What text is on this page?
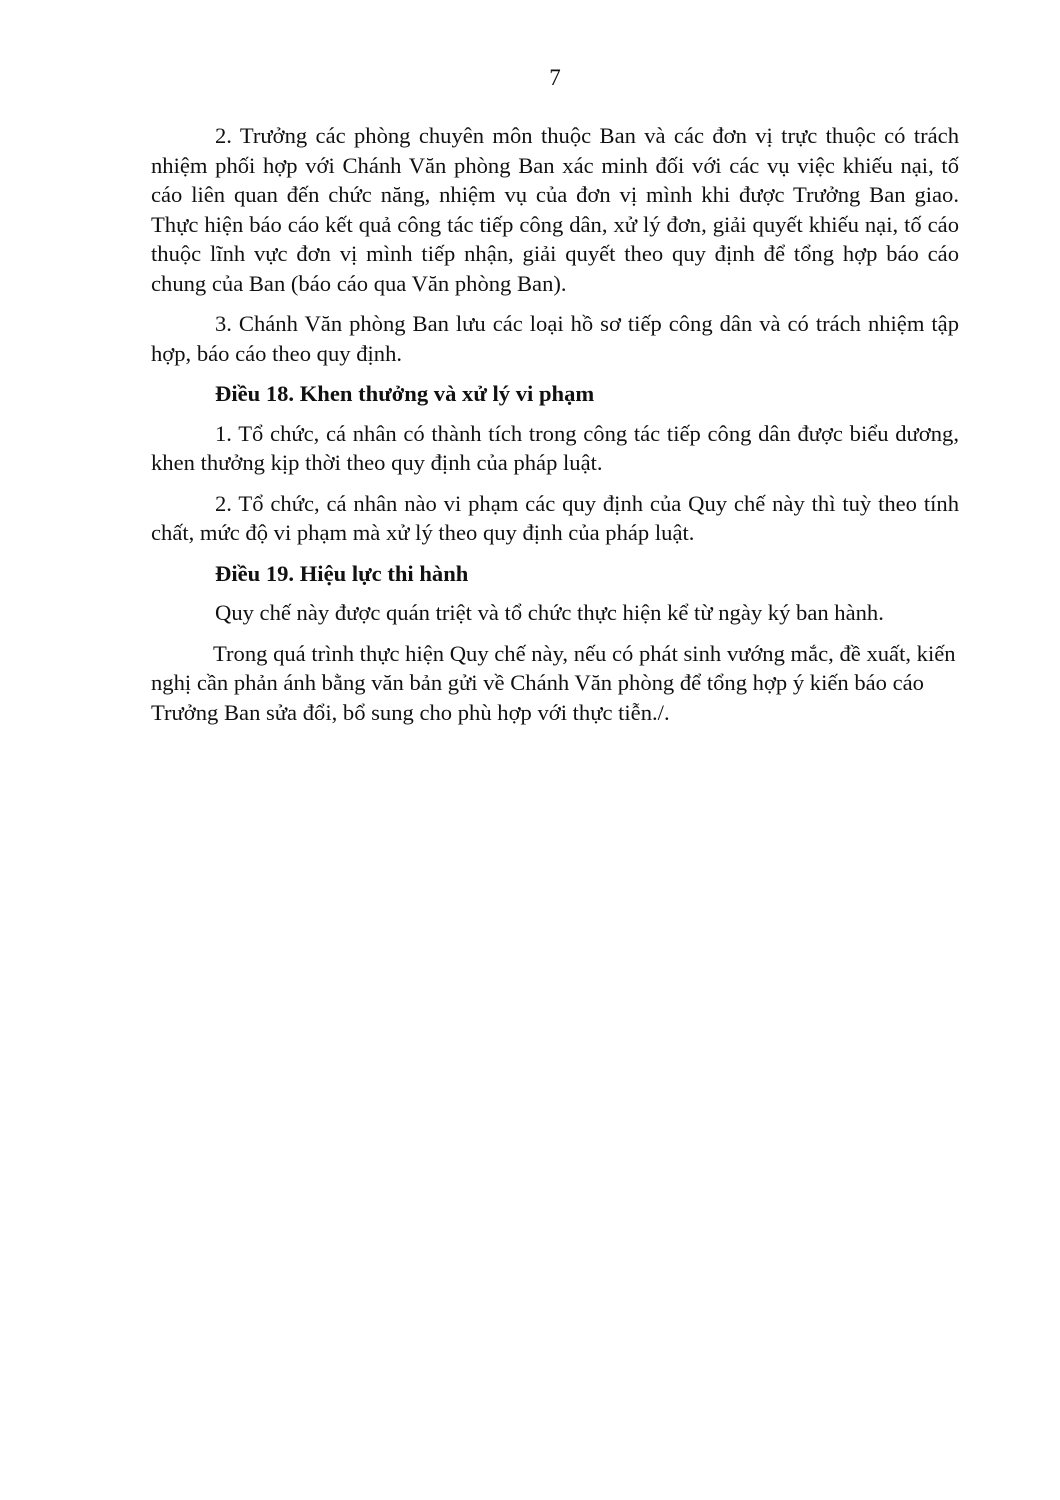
7

2. Trưởng các phòng chuyên môn thuộc Ban và các đơn vị trực thuộc có trách nhiệm phối hợp với Chánh Văn phòng Ban xác minh đối với các vụ việc khiếu nại, tố cáo liên quan đến chức năng, nhiệm vụ của đơn vị mình khi được Trưởng Ban giao. Thực hiện báo cáo kết quả công tác tiếp công dân, xử lý đơn, giải quyết khiếu nại, tố cáo thuộc lĩnh vực đơn vị mình tiếp nhận, giải quyết theo quy định để tổng hợp báo cáo chung của Ban (báo cáo qua Văn phòng Ban).

3. Chánh Văn phòng Ban lưu các loại hồ sơ tiếp công dân và có trách nhiệm tập hợp, báo cáo theo quy định.

Điều 18. Khen thưởng và xử lý vi phạm

1. Tổ chức, cá nhân có thành tích trong công tác tiếp công dân được biểu dương, khen thưởng kịp thời theo quy định của pháp luật.

2. Tổ chức, cá nhân nào vi phạm các quy định của Quy chế này thì tuỳ theo tính chất, mức độ vi phạm mà xử lý theo quy định của pháp luật.

Điều 19. Hiệu lực thi hành

Quy chế này được quán triệt và tổ chức thực hiện kể từ ngày ký ban hành.

Trong quá trình thực hiện Quy chế này, nếu có phát sinh vướng mắc, đề xuất, kiến nghị cần phản ánh bằng văn bản gửi về Chánh Văn phòng để tổng hợp ý kiến báo cáo Trưởng Ban sửa đổi, bổ sung cho phù hợp với thực tiễn./.
